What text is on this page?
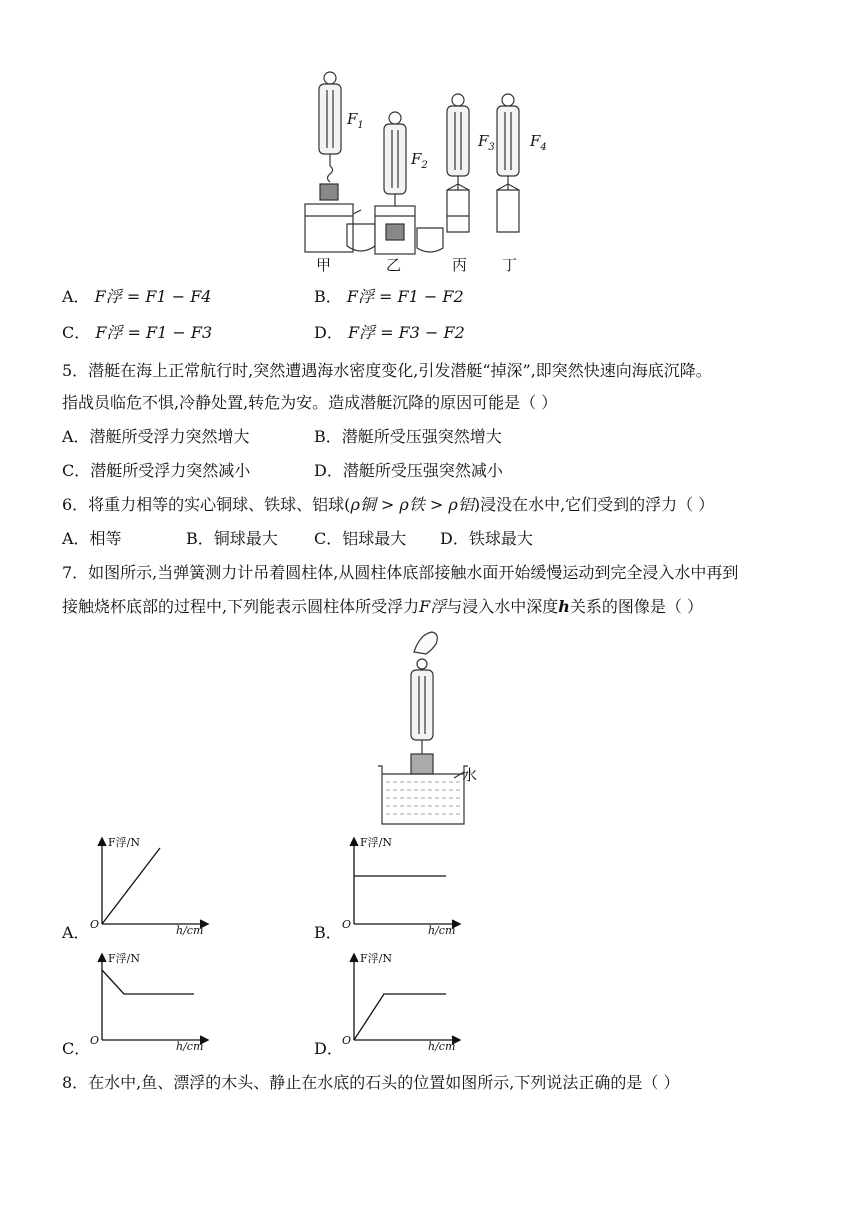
$F_1$
$F_2$
$F_3$ $F_4$
甲	乙	丙 丁
A． F浮 = F1 − F4	B． F浮 = F1 − F2
C． F浮 = F1 − F3	D． F浮 = F3 − F2
5．潜艇在海上正常航行时,突然遭遇海水密度变化,引发潜艇“掉深”,即突然快速向海底沉降。
指战员临危不惧,冷静处置,转危为安。造成潜艇沉降的原因可能是（ ）
A．潜艇所受浮力突然增大	B．潜艇所受压强突然增大
C．潜艇所受浮力突然减小	D．潜艇所受压强突然减小
6．将重力相等的实心铜球、铁球、铝球(ρ铜 > ρ铁 > ρ铝)浸没在水中,它们受到的浮力（ ）
A．相等	B．铜球最大 C．铝球最大 D．铁球最大
7．如图所示,当弹簧测力计吊着圆柱体,从圆柱体底部接触水面开始缓慢运动到完全浸入水中再到
接触烧杯底部的过程中,下列能表示圆柱体所受浮力F浮与浸入水中深度h关系的图像是（ ）
水
F浮/N
O	h/cm
A．
F浮/N
O	h/cm
B．
F浮/N
O	h/cm
C．
F浮/N
O	h/cm
D．
8．在水中,鱼、漂浮的木头、静止在水底的石头的位置如图所示,下列说法正确的是（ ）
